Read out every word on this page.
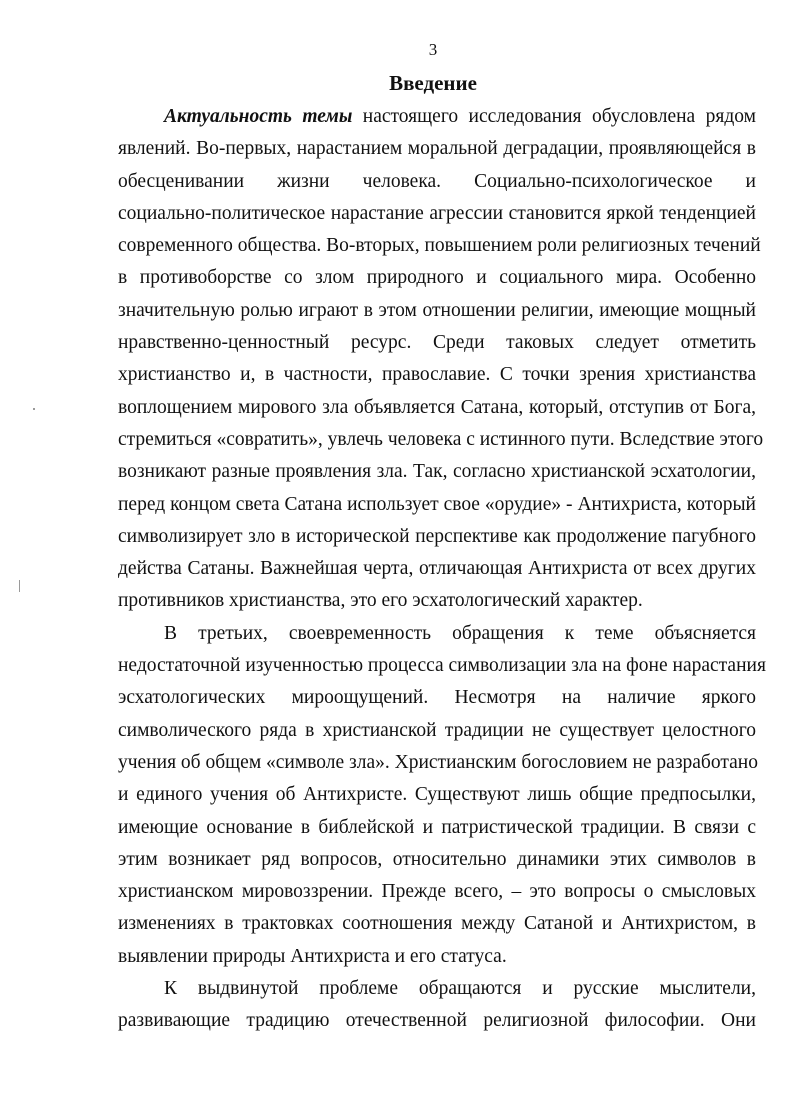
3
Введение
Актуальность темы настоящего исследования обусловлена рядом
явлений. Во-первых, нарастанием моральной деградации, проявляющейся в
обесценивании жизни человека. Социально-психологическое и
социально-политическое нарастание агрессии становится яркой тенденцией
современного общества. Во-вторых, повышением роли религиозных течений
в противоборстве со злом природного и социального мира. Особенно
значительную ролью играют в этом отношении религии, имеющие мощный
нравственно-ценностный ресурс. Среди таковых следует отметить
христианство и, в частности, православие. С точки зрения христианства
воплощением мирового зла объявляется Сатана, который, отступив от Бога,
стремиться «совратить», увлечь человека с истинного пути. Вследствие этого
возникают разные проявления зла. Так, согласно христианской эсхатологии,
перед концом света Сатана использует свое «орудие» - Антихриста, который
символизирует зло в исторической перспективе как продолжение пагубного
действа Сатаны. Важнейшая черта, отличающая Антихриста от всех других
противников христианства, это его эсхатологический характер.
В третьих, своевременность обращения к теме объясняется
недостаточной изученностью процесса символизации зла на фоне нарастания
эсхатологических мироощущений. Несмотря на наличие яркого
символического ряда в христианской традиции не существует целостного
учения об общем «символе зла». Христианским богословием не разработано
и единого учения об Антихристе. Существуют лишь общие предпосылки,
имеющие основание в библейской и патристической традиции. В связи с
этим возникает ряд вопросов, относительно динамики этих символов в
христианском мировоззрении. Прежде всего, – это вопросы о смысловых
изменениях в трактовках соотношения между Сатаной и Антихристом, в
выявлении природы Антихриста и его статуса.
К выдвинутой проблеме обращаются и русские мыслители,
развивающие традицию отечественной религиозной философии. Они
